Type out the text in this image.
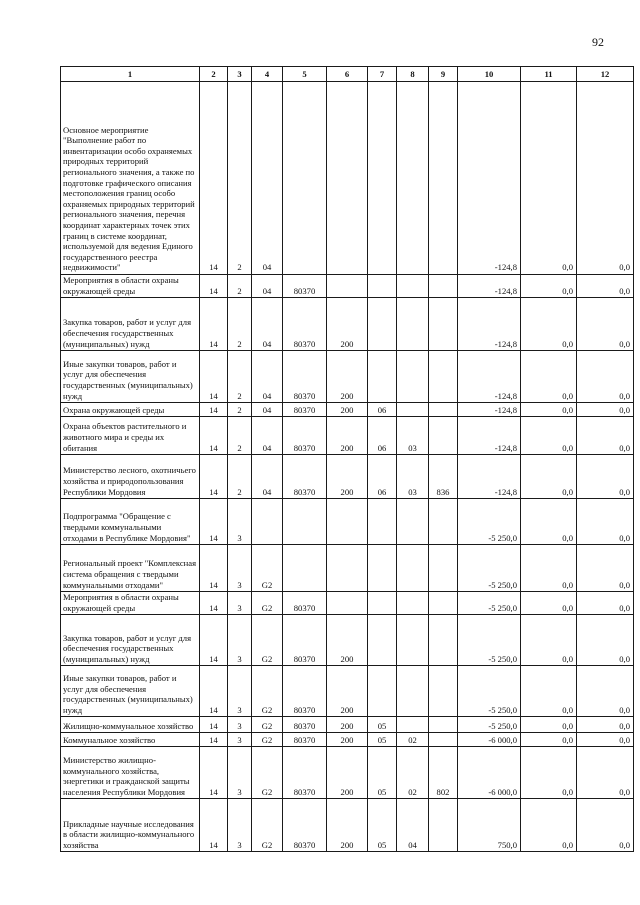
92
1	2	3	4	5	6	7	8	9	10	11	12
Основное мероприятие "Выполнение работ по инвентаризации особо охраняемых природных территорий регионального значения, а также по подготовке графического описания местоположения границ особо охраняемых природных территорий регионального значения, перечня координат характерных точек этих границ в системе координат, используемой для ведения Единого государственного реестра недвижимости"	14	2	04						-124,8	0,0	0,0
Мероприятия в области охраны окружающей среды	14	2	04	80370					-124,8	0,0	0,0
Закупка товаров, работ и услуг для обеспечения государственных (муниципальных) нужд	14	2	04	80370	200				-124,8	0,0	0,0
Иные закупки товаров, работ и услуг для обеспечения государственных (муниципальных) нужд	14	2	04	80370	200				-124,8	0,0	0,0
Охрана окружающей среды	14	2	04	80370	200	06			-124,8	0,0	0,0
Охрана объектов растительного и животного мира и среды их обитания	14	2	04	80370	200	06	03		-124,8	0,0	0,0
Министерство лесного, охотничьего хозяйства и природопользования Республики Мордовия	14	2	04	80370	200	06	03	836	-124,8	0,0	0,0
Подпрограмма "Обращение с твердыми коммунальными отходами в Республике Мордовия"	14	3							-5 250,0	0,0	0,0
Региональный проект "Комплексная система обращения с твердыми коммунальными отходами"	14	3	G2						-5 250,0	0,0	0,0
Мероприятия в области охраны окружающей среды	14	3	G2	80370					-5 250,0	0,0	0,0
Закупка товаров, работ и услуг для обеспечения государственных (муниципальных) нужд	14	3	G2	80370	200				-5 250,0	0,0	0,0
Иные закупки товаров, работ и услуг для обеспечения государственных (муниципальных) нужд	14	3	G2	80370	200				-5 250,0	0,0	0,0
Жилищно-коммунальное хозяйство	14	3	G2	80370	200	05			-5 250,0	0,0	0,0
Коммунальное хозяйство	14	3	G2	80370	200	05	02		-6 000,0	0,0	0,0
Министерство жилищно-коммунального хозяйства, энергетики и гражданской защиты населения Республики Мордовия	14	3	G2	80370	200	05	02	802	-6 000,0	0,0	0,0
Прикладные научные исследования в области жилищно-коммунального хозяйства	14	3	G2	80370	200	05	04		750,0	0,0	0,0
